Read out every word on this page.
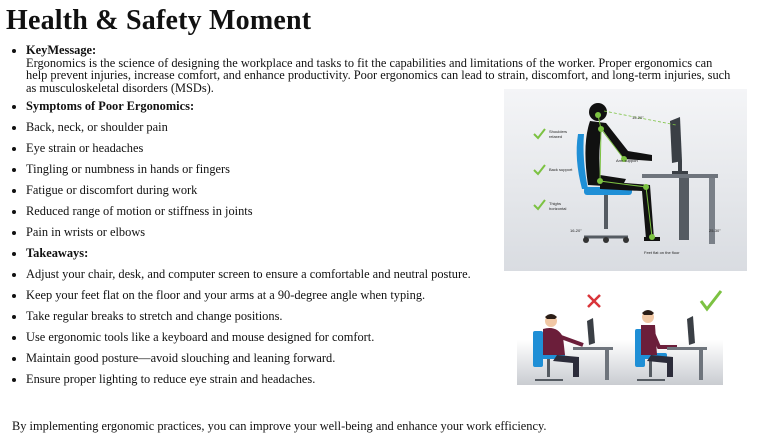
Health & Safety Moment
KeyMessage:
Ergonomics is the science of designing the workplace and tasks to fit the capabilities and limitations of the worker. Proper ergonomics can help prevent injuries, increase comfort, and enhance productivity. Poor ergonomics can lead to strain, discomfort, and long-term injuries, such as musculoskeletal disorders (MSDs).
Symptoms of Poor Ergonomics:
Back, neck, or shoulder pain
Eye strain or headaches
Tingling or numbness in hands or fingers
Fatigue or discomfort during work
Reduced range of motion or stiffness in joints
Pain in wrists or elbows
Takeaways:
Adjust your chair, desk, and computer screen to ensure a comfortable and neutral posture.
Keep your feet flat on the floor and your arms at a 90-degree angle when typing.
Take regular breaks to stretch and change positions.
Use ergonomic tools like a keyboard and mouse designed for comfort.
Maintain good posture—avoid slouching and leaning forward.
Ensure proper lighting to reduce eye strain and headaches.
By implementing ergonomic practices, you can improve your well-being and enhance your work efficiency.
Shoulders
relaxed
Back support
Thighs
horizontal
Arm support
Feet flat on the floor
15-20"
16-20"	25-30"
